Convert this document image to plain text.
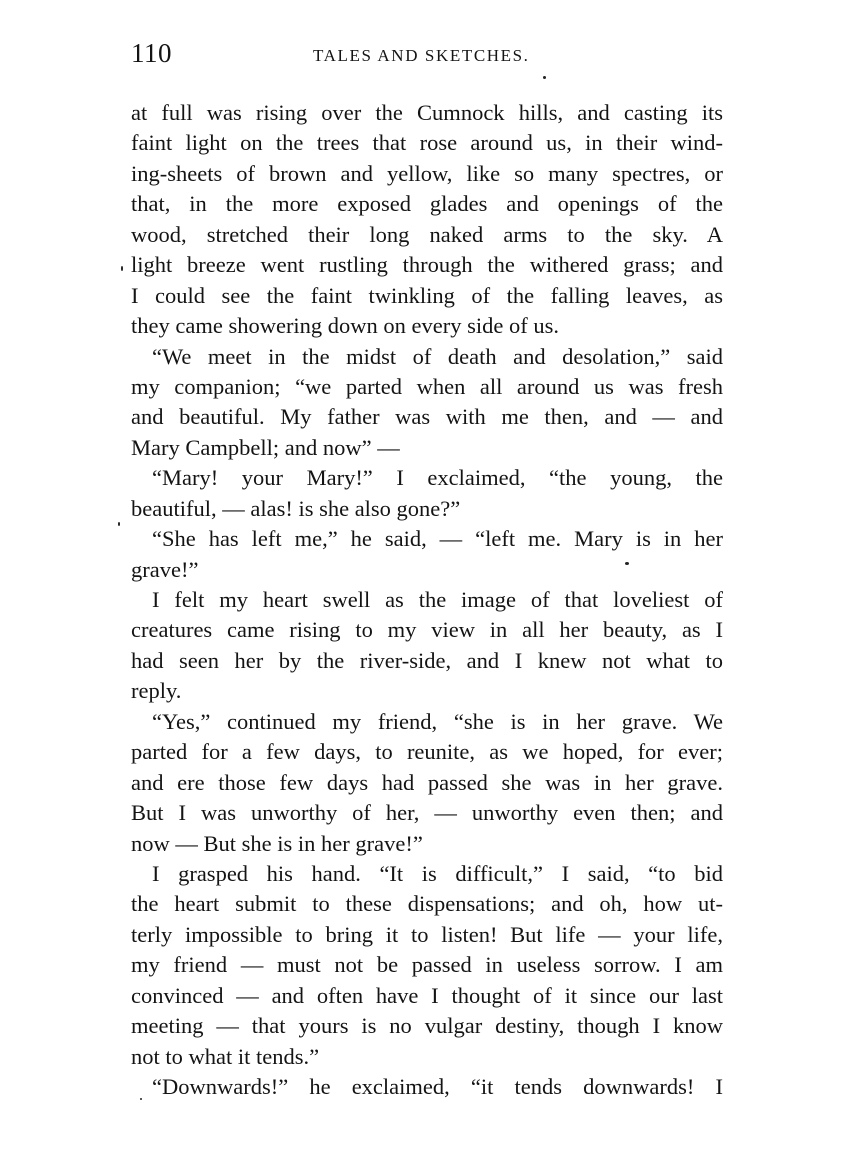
110	TALES AND SKETCHES.
at full was rising over the Cumnock hills, and casting its
faint light on the trees that rose around us, in their wind-
ing-sheets of brown and yellow, like so many spectres, or
that, in the more exposed glades and openings of the
wood, stretched their long naked arms to the sky. A
light breeze went rustling through the withered grass; and
I could see the faint twinkling of the falling leaves, as
they came showering down on every side of us.
“We meet in the midst of death and desolation,” said
my companion; “we parted when all around us was fresh
and beautiful. My father was with me then, and — and
Mary Campbell; and now” —
“Mary! your Mary!” I exclaimed, “the young, the
beautiful, — alas! is she also gone?”
“She has left me,” he said, — “left me. Mary is in her
grave!”
I felt my heart swell as the image of that loveliest of
creatures came rising to my view in all her beauty, as I
had seen her by the river-side, and I knew not what to
reply.
“Yes,” continued my friend, “she is in her grave. We
parted for a few days, to reunite, as we hoped, for ever;
and ere those few days had passed she was in her grave.
But I was unworthy of her, — unworthy even then; and
now — But she is in her grave!”
I grasped his hand. “It is difficult,” I said, “to bid
the heart submit to these dispensations; and oh, how ut-
terly impossible to bring it to listen! But life — your life,
my friend — must not be passed in useless sorrow. I am
convinced — and often have I thought of it since our last
meeting — that yours is no vulgar destiny, though I know
not to what it tends.”
“Downwards!” he exclaimed, “it tends downwards! I
